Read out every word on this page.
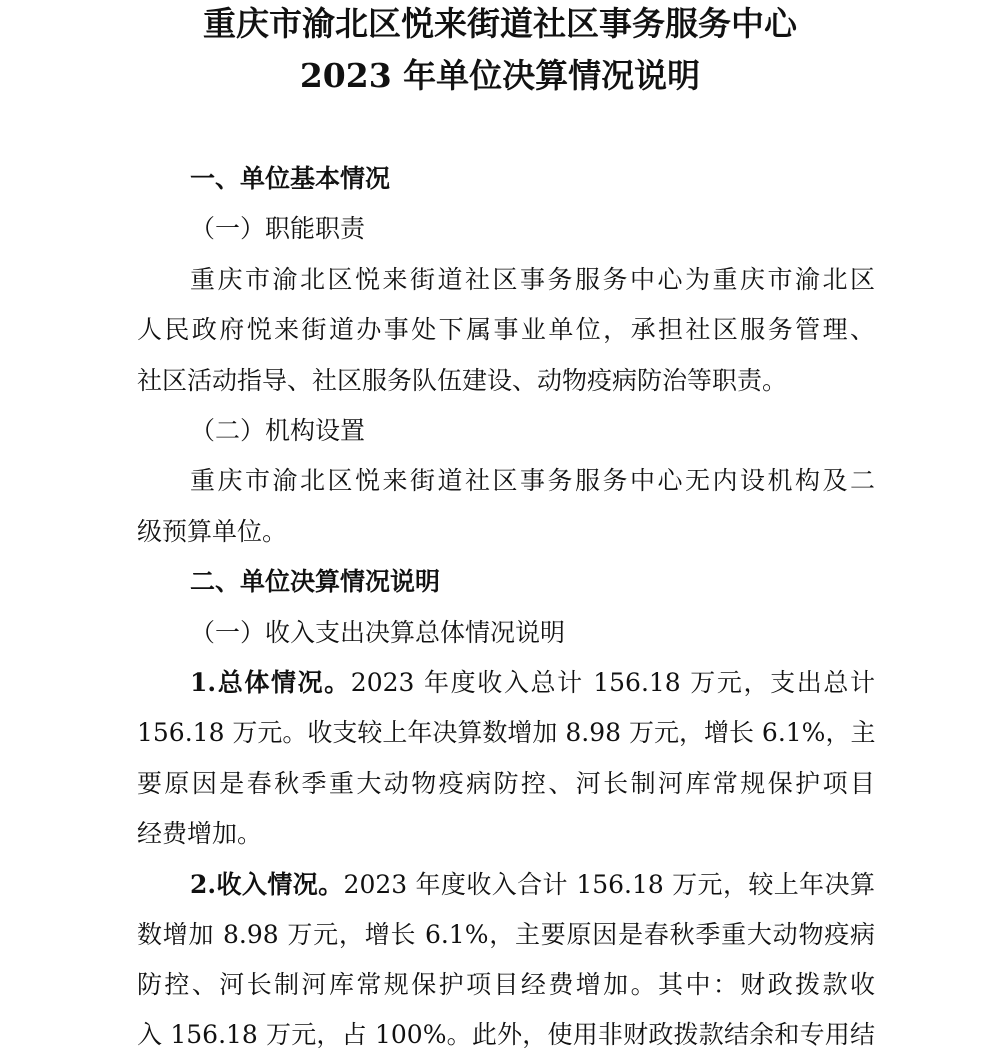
重庆市渝北区悦来街道社区事务服务中心
2023 年单位决算情况说明
一、单位基本情况
（一）职能职责
重庆市渝北区悦来街道社区事务服务中心为重庆市渝北区
人民政府悦来街道办事处下属事业单位，承担社区服务管理、
社区活动指导、社区服务队伍建设、动物疫病防治等职责。
（二）机构设置
重庆市渝北区悦来街道社区事务服务中心无内设机构及二
级预算单位。
二、单位决算情况说明
（一）收入支出决算总体情况说明
1.总体情况。2023 年度收入总计 156.18 万元，支出总计
156.18 万元。收支较上年决算数增加 8.98 万元，增长 6.1%，主
要原因是春秋季重大动物疫病防控、河长制河库常规保护项目
经费增加。
2.收入情况。2023 年度收入合计 156.18 万元，较上年决算
数增加 8.98 万元，增长 6.1%，主要原因是春秋季重大动物疫病
防控、河长制河库常规保护项目经费增加。其中：财政拨款收
入 156.18 万元，占 100%。此外，使用非财政拨款结余和专用结
